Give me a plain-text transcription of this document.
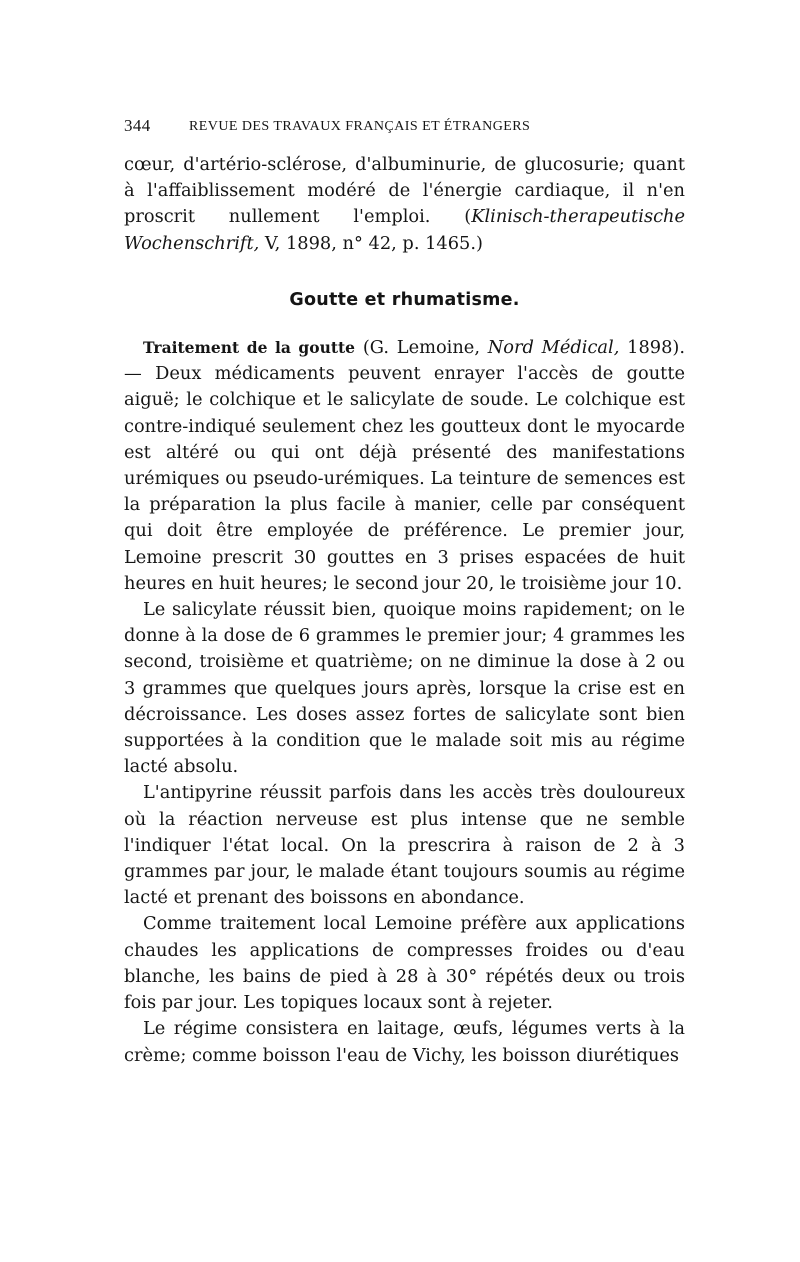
344	REVUE DES TRAVAUX FRANÇAIS ET ÉTRANGERS

cœur, d'artério-sclérose, d'albuminurie, de glucosurie; quant à l'affaiblissement modéré de l'énergie cardiaque, il n'en proscrit nullement l'emploi. (Klinisch-therapeutische Wochenschrift, V, 1898, n° 42, p. 1465.)

Goutte et rhumatisme.

Traitement de la goutte (G. Lemoine, Nord Médical, 1898). — Deux médicaments peuvent enrayer l'accès de goutte aiguë; le colchique et le salicylate de soude. Le colchique est contre-indiqué seulement chez les goutteux dont le myocarde est altéré ou qui ont déjà présenté des manifestations urémiques ou pseudo-urémiques. La teinture de semences est la préparation la plus facile à manier, celle par conséquent qui doit être employée de préférence. Le premier jour, Lemoine prescrit 30 gouttes en 3 prises espacées de huit heures en huit heures; le second jour 20, le troisième jour 10.

Le salicylate réussit bien, quoique moins rapidement; on le donne à la dose de 6 grammes le premier jour; 4 grammes les second, troisième et quatrième; on ne diminue la dose à 2 ou 3 grammes que quelques jours après, lorsque la crise est en décroissance. Les doses assez fortes de salicylate sont bien supportées à la condition que le malade soit mis au régime lacté absolu.

L'antipyrine réussit parfois dans les accès très douloureux où la réaction nerveuse est plus intense que ne semble l'indiquer l'état local. On la prescrira à raison de 2 à 3 grammes par jour, le malade étant toujours soumis au régime lacté et prenant des boissons en abondance.

Comme traitement local Lemoine préfère aux applications chaudes les applications de compresses froides ou d'eau blanche, les bains de pied à 28 à 30° répétés deux ou trois fois par jour. Les topiques locaux sont à rejeter.

Le régime consistera en laitage, œufs, légumes verts à la crème; comme boisson l'eau de Vichy, les boisson diurétiques
